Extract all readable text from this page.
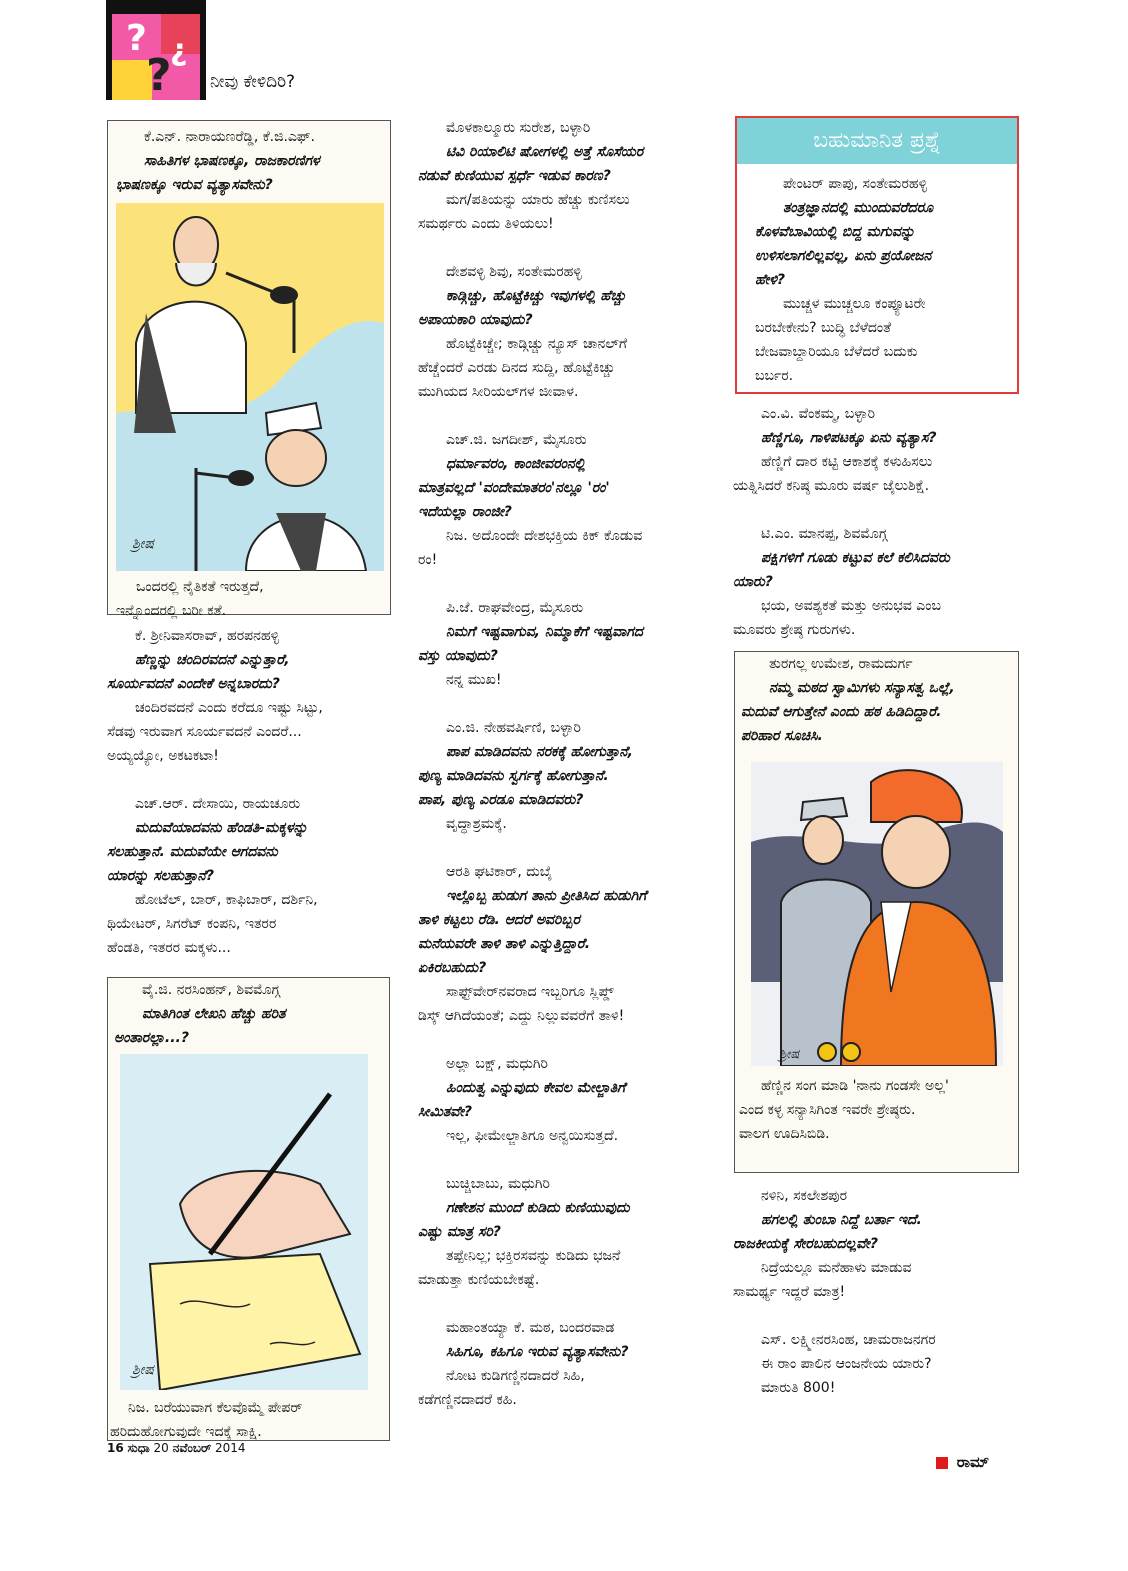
?
?
¿
ನೀವು ಕೇಳಿದಿರಿ?
ಕೆ.ಎನ್. ನಾರಾಯಣರೆಡ್ಡಿ, ಕೆ.ಜಿ.ಎಫ್.
ಸಾಹಿತಿಗಳ ಭಾಷಣಕ್ಕೂ, ರಾಜಕಾರಣಿಗಳ
ಭಾಷಣಕ್ಕೂ ಇರುವ ವ್ಯತ್ಯಾಸವೇನು?
ಶ್ರೀಷ
ಒಂದರಲ್ಲಿ ನೈತಿಕತೆ ಇರುತ್ತದೆ,
ಇನ್ನೊಂದರಲ್ಲಿ ಬರೀ ಕತೆ.
ಕೆ. ಶ್ರೀನಿವಾಸರಾವ್, ಹರಪನಹಳ್ಳಿ
ಹೆಣ್ಣನ್ನು ಚಂದಿರವದನೆ ಎನ್ನುತ್ತಾರೆ,
ಸೂರ್ಯವದನೆ ಎಂದೇಕೆ ಅನ್ನಬಾರದು?
ಚಂದಿರವದನೆ ಎಂದು ಕರೆದೂ ಇಷ್ಟು ಸಿಟ್ಟು,
ಸೆಡವು ಇರುವಾಗ ಸೂರ್ಯವದನೆ ಎಂದರೆ...
ಅಯ್ಯಯ್ಯೋ, ಅಕಟಕಟಾ!
ಎಚ್.ಆರ್. ದೇಸಾಯಿ, ರಾಯಚೂರು
ಮದುವೆಯಾದವನು ಹೆಂಡತಿ-ಮಕ್ಕಳನ್ನು
ಸಲಹುತ್ತಾನೆ. ಮದುವೆಯೇ ಆಗದವನು
ಯಾರನ್ನು ಸಲಹುತ್ತಾನೆ?
ಹೋಟೆಲ್, ಬಾರ್, ಕಾಫಿಬಾರ್, ದರ್ಶಿನಿ,
ಥಿಯೇಟರ್, ಸಿಗರೆಟ್ ಕಂಪನಿ, ಇತರರ
ಹೆಂಡತಿ, ಇತರರ ಮಕ್ಕಳು...
ವೈ.ಜಿ. ನರಸಿಂಹನ್, ಶಿವಮೊಗ್ಗ
ಮಾತಿಗಿಂತ ಲೇಖನಿ ಹೆಚ್ಚು ಹರಿತ
ಅಂತಾರಲ್ಲಾ...?
ಶ್ರೀಷ
ನಿಜ. ಬರೆಯುವಾಗ ಕೆಲವೊಮ್ಮೆ ಪೇಪರ್
ಹರಿದುಹೋಗುವುದೇ ಇದಕ್ಕೆ ಸಾಕ್ಷಿ.
ಮೊಳಕಾಲ್ಮೂರು ಸುರೇಶ, ಬಳ್ಳಾರಿ
ಟಿವಿ ರಿಯಾಲಿಟಿ ಷೋಗಳಲ್ಲಿ ಅತ್ತೆ ಸೊಸೆಯರ
ನಡುವೆ ಕುಣಿಯುವ ಸ್ಪರ್ಧೆ ಇಡುವ ಕಾರಣ?
ಮಗ/ಪತಿಯನ್ನು ಯಾರು ಹೆಚ್ಚು ಕುಣಿಸಲು
ಸಮರ್ಥರು ಎಂದು ತಿಳಿಯಲು!
ದೇಶವಳ್ಳಿ ಶಿವು, ಸಂತೇಮರಹಳ್ಳಿ
ಕಾಡ್ಗಿಚ್ಚು, ಹೊಟ್ಟೆಕಿಚ್ಚು ಇವುಗಳಲ್ಲಿ ಹೆಚ್ಚು
ಅಪಾಯಕಾರಿ ಯಾವುದು?
ಹೊಟ್ಟೆಕಿಚ್ಚೇ; ಕಾಡ್ಗಿಚ್ಚು ನ್ಯೂಸ್ ಚಾನಲ್‌ಗೆ
ಹೆಚ್ಚೆಂದರೆ ಎರಡು ದಿನದ ಸುದ್ದಿ, ಹೊಟ್ಟೆಕಿಚ್ಚು
ಮುಗಿಯದ ಸೀರಿಯಲ್‌ಗಳ ಜೀವಾಳ.
ಎಚ್.ಜಿ. ಜಗದೀಶ್, ಮೈಸೂರು
ಧರ್ಮಾವರಂ, ಕಾಂಜೀವರಂನಲ್ಲಿ
ಮಾತ್ರವಲ್ಲದೆ 'ವಂದೇಮಾತರಂ'ನಲ್ಲೂ 'ರಂ'
ಇದೆಯಲ್ಲಾ ರಾಂಜೀ?
ನಿಜ. ಅದೊಂದೇ ದೇಶಭಕ್ತಿಯ ಕಿಕ್ ಕೊಡುವ
ರಂ!
ಪಿ.ಜೆ. ರಾಘವೇಂದ್ರ, ಮೈಸೂರು
ನಿಮಗೆ ಇಷ್ಟವಾಗುವ, ನಿಮ್ಮಾಕೆಗೆ ಇಷ್ಟವಾಗದ
ವಸ್ತು ಯಾವುದು?
ನನ್ನ ಮುಖ!
ಎಂ.ಜಿ. ನೇಹವರ್ಷಿಣಿ, ಬಳ್ಳಾರಿ
ಪಾಪ ಮಾಡಿದವನು ನರಕಕ್ಕೆ ಹೋಗುತ್ತಾನೆ,
ಪುಣ್ಯ ಮಾಡಿದವನು ಸ್ವರ್ಗಕ್ಕೆ ಹೋಗುತ್ತಾನೆ.
ಪಾಪ, ಪುಣ್ಯ ಎರಡೂ ಮಾಡಿದವರು?
ವೃದ್ಧಾಶ್ರಮಕ್ಕೆ.
ಆರತಿ ಘಟಿಕಾರ್, ದುಬೈ
ಇಲ್ಲೊಬ್ಬ ಹುಡುಗ ತಾನು ಪ್ರೀತಿಸಿದ ಹುಡುಗಿಗೆ
ತಾಳಿ ಕಟ್ಟಲು ರೆಡಿ. ಆದರೆ ಅವರಿಬ್ಬರ
ಮನೆಯವರೇ ತಾಳಿ ತಾಳಿ ಎನ್ನುತ್ತಿದ್ದಾರೆ.
ಏಕಿರಬಹುದು?
ಸಾಫ್ಟ್‌ವೇರ್‌ನವರಾದ ಇಬ್ಬರಿಗೂ ಸ್ಲಿಪ್ಡ್
ಡಿಸ್ಕ್ ಆಗಿದೆಯಂತೆ; ಎದ್ದು ನಿಲ್ಲುವವರೆಗೆ ತಾಳಿ!
ಅಲ್ಲಾ ಬಕ್ಷ್, ಮಧುಗಿರಿ
ಹಿಂದುತ್ವ ಎನ್ನುವುದು ಕೇವಲ ಮೇಲ್ಜಾತಿಗೆ
ಸೀಮಿತವೇ?
ಇಲ್ಲ, ಫೀಮೇಲ್ಜಾತಿಗೂ ಅನ್ವಯಿಸುತ್ತದೆ.
ಬುಚ್ಚಿಬಾಬು, ಮಧುಗಿರಿ
ಗಣೇಶನ ಮುಂದೆ ಕುಡಿದು ಕುಣಿಯುವುದು
ಎಷ್ಟು ಮಾತ್ರ ಸರಿ?
ತಪ್ಪೇನಿಲ್ಲ; ಭಕ್ತಿರಸವನ್ನು ಕುಡಿದು ಭಜನೆ
ಮಾಡುತ್ತಾ ಕುಣಿಯಬೇಕಷ್ಟೆ.
ಮಹಾಂತಯ್ಯಾ ಕೆ. ಮಠ, ಬಂದರವಾಡ
ಸಿಹಿಗೂ, ಕಹಿಗೂ ಇರುವ ವ್ಯತ್ಯಾಸವೇನು?
ನೋಟ ಕುಡಿಗಣ್ಣಿನದಾದರೆ ಸಿಹಿ,
ಕಡೆಗಣ್ಣಿನದಾದರೆ ಕಹಿ.
ಬಹುಮಾನಿತ ಪ್ರಶ್ನೆ
ಪೇಂಟರ್ ಪಾಪು, ಸಂತೇಮರಹಳ್ಳಿ
ತಂತ್ರಜ್ಞಾನದಲ್ಲಿ ಮುಂದುವರೆದರೂ
ಕೊಳವೆಬಾವಿಯಲ್ಲಿ ಬಿದ್ದ ಮಗುವನ್ನು
ಉಳಿಸಲಾಗಲಿಲ್ಲವಲ್ಲ, ಏನು ಪ್ರಯೋಜನ
ಹೇಳಿ?
ಮುಚ್ಚಳ ಮುಚ್ಚಲೂ ಕಂಪ್ಯೂಟರೇ
ಬರಬೇಕೇನು? ಬುದ್ಧಿ ಬೆಳೆದಂತೆ
ಬೇಜವಾಬ್ದಾರಿಯೂ ಬೆಳೆದರೆ ಬದುಕು
ಬರ್ಬರ.
ಎಂ.ವಿ. ವೆಂಕಮ್ಮ, ಬಳ್ಳಾರಿ
ಹೆಣ್ಣಿಗೂ, ಗಾಳಿಪಟಕ್ಕೂ ಏನು ವ್ಯತ್ಯಾಸ?
ಹೆಣ್ಣಿಗೆ ದಾರ ಕಟ್ಟಿ ಆಕಾಶಕ್ಕೆ ಕಳುಹಿಸಲು
ಯತ್ನಿಸಿದರೆ ಕನಿಷ್ಠ ಮೂರು ವರ್ಷ ಜೈಲುಶಿಕ್ಷೆ.
ಟಿ.ಎಂ. ಮಾನಪ್ಪ, ಶಿವಮೊಗ್ಗ
ಪಕ್ಷಿಗಳಿಗೆ ಗೂಡು ಕಟ್ಟುವ ಕಲೆ ಕಲಿಸಿದವರು
ಯಾರು?
ಭಯ, ಅವಶ್ಯಕತೆ ಮತ್ತು ಅನುಭವ ಎಂಬ
ಮೂವರು ಶ್ರೇಷ್ಠ ಗುರುಗಳು.
ತುರಗಲ್ಲ ಉಮೇಶ, ರಾಮದುರ್ಗ
ನಮ್ಮ ಮಠದ ಸ್ವಾಮಿಗಳು ಸನ್ಯಾಸತ್ವ ಒಲ್ಲೆ,
ಮದುವೆ ಆಗುತ್ತೇನೆ ಎಂದು ಹಠ ಹಿಡಿದಿದ್ದಾರೆ.
ಪರಿಹಾರ ಸೂಚಿಸಿ.
ಶ್ರೀಷ
ಹೆಣ್ಣಿನ ಸಂಗ ಮಾಡಿ 'ನಾನು ಗಂಡಸೇ ಅಲ್ಲ'
ಎಂದ ಕಳ್ಳ ಸನ್ಯಾಸಿಗಿಂತ ಇವರೇ ಶ್ರೇಷ್ಠರು.
ವಾಲಗ ಊದಿಸಿಬಿಡಿ.
ನಳಿನಿ, ಸಕಲೇಶಪುರ
ಹಗಲಲ್ಲಿ ತುಂಬಾ ನಿದ್ದೆ ಬರ್ತಾ ಇದೆ.
ರಾಜಕೀಯಕ್ಕೆ ಸೇರಬಹುದಲ್ಲವೇ?
ನಿದ್ರೆಯಲ್ಲೂ ಮನೆಹಾಳು ಮಾಡುವ
ಸಾಮರ್ಥ್ಯ ಇದ್ದರೆ ಮಾತ್ರ!
ಎಸ್. ಲಕ್ಷ್ಮೀನರಸಿಂಹ, ಚಾಮರಾಜನಗರ
ಈ ರಾಂ ಪಾಲಿನ ಆಂಜನೇಯ ಯಾರು?
ಮಾರುತಿ 800!
16 ಸುಧಾ 20 ನವೆಂಬರ್ 2014
ರಾಮ್
